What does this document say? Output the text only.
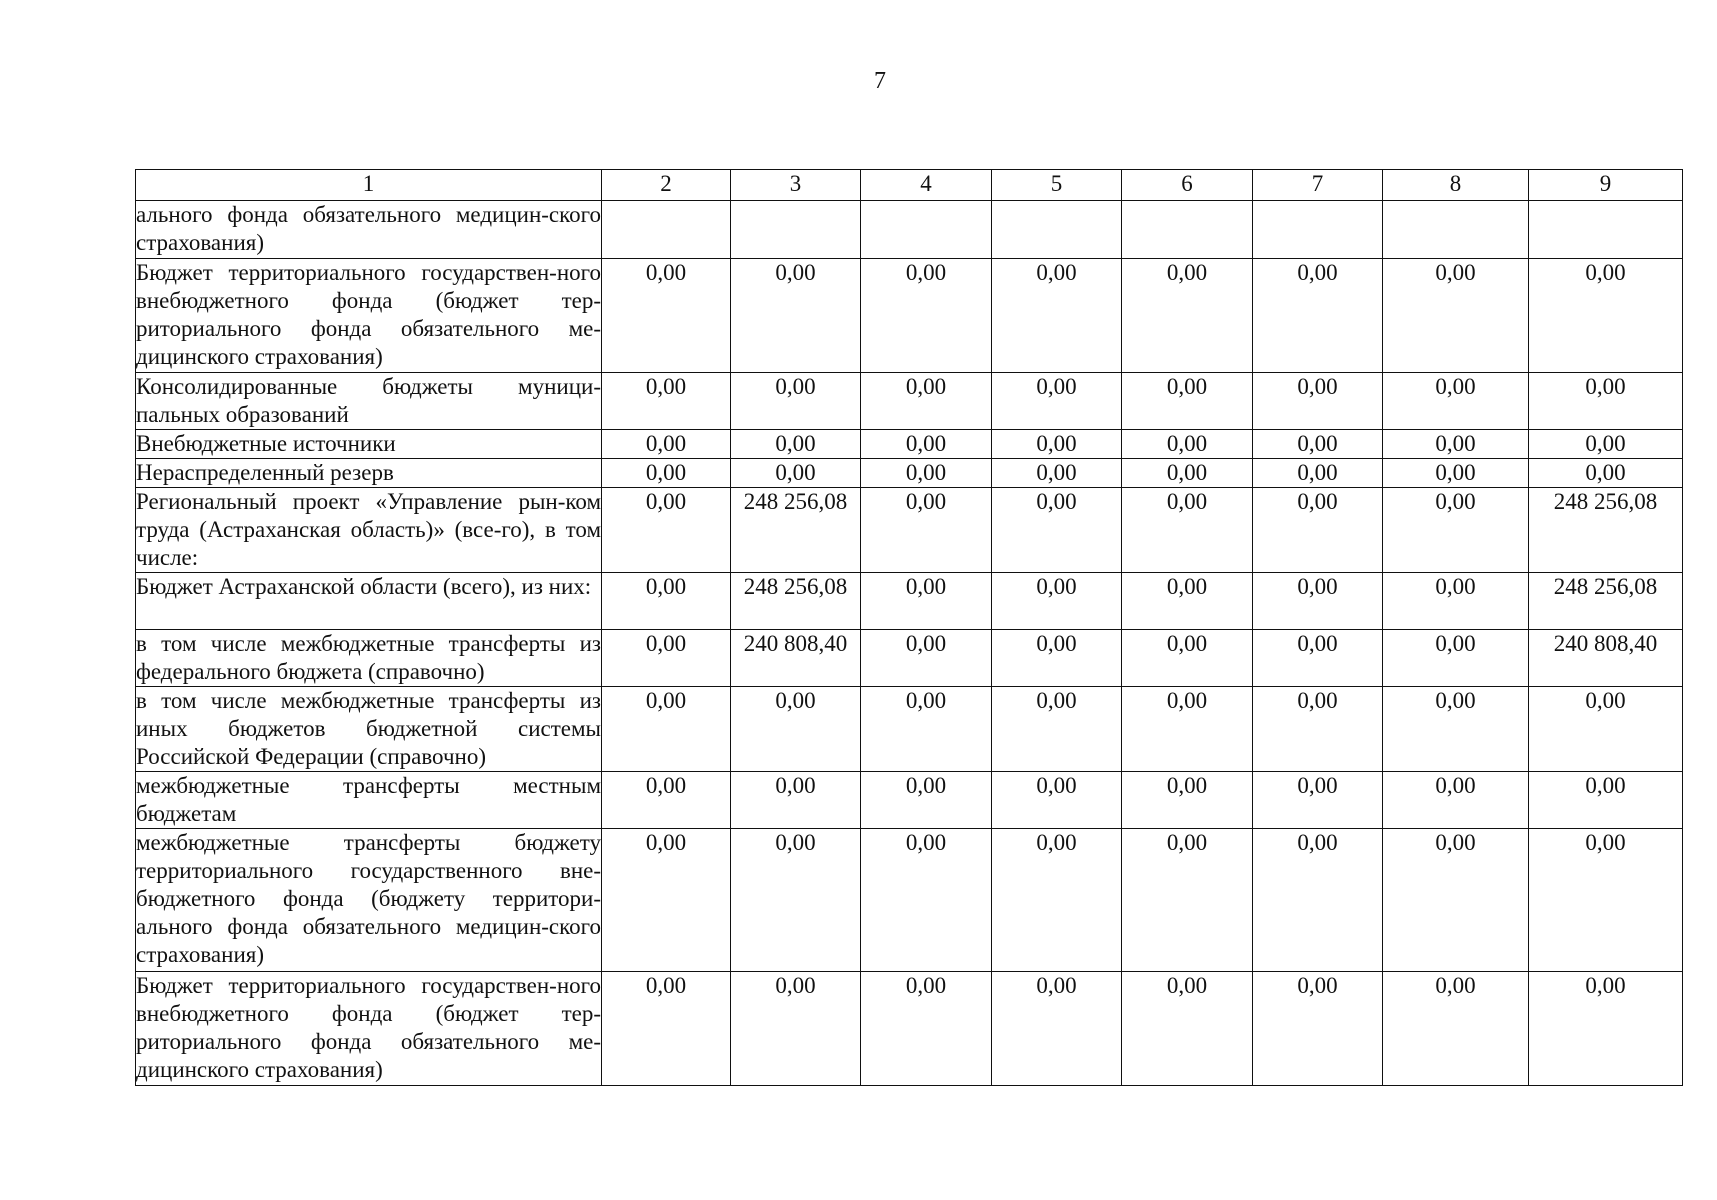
7
1	2	3	4	5	6	7	8	9
ального фонда обязательного медицин-ского страхования)								
Бюджет территориального государствен-ного внебюджетного фонда (бюджет тер-риториального фонда обязательного ме-дицинского страхования)	0,00	0,00	0,00	0,00	0,00	0,00	0,00	0,00
Консолидированные бюджеты муници-пальных образований	0,00	0,00	0,00	0,00	0,00	0,00	0,00	0,00
Внебюджетные источники	0,00	0,00	0,00	0,00	0,00	0,00	0,00	0,00
Нераспределенный резерв	0,00	0,00	0,00	0,00	0,00	0,00	0,00	0,00
Региональный проект «Управление рын-ком труда (Астраханская область)» (все-го), в том числе:	0,00	248 256,08	0,00	0,00	0,00	0,00	0,00	248 256,08
Бюджет Астраханской области (всего), из них:	0,00	248 256,08	0,00	0,00	0,00	0,00	0,00	248 256,08
в том числе межбюджетные трансферты из федерального бюджета (справочно)	0,00	240 808,40	0,00	0,00	0,00	0,00	0,00	240 808,40
в том числе межбюджетные трансферты из иных бюджетов бюджетной системы Российской Федерации (справочно)	0,00	0,00	0,00	0,00	0,00	0,00	0,00	0,00
межбюджетные трансферты местным бюджетам	0,00	0,00	0,00	0,00	0,00	0,00	0,00	0,00
межбюджетные трансферты бюджету территориального государственного вне-бюджетного фонда (бюджету территори-ального фонда обязательного медицин-ского страхования)	0,00	0,00	0,00	0,00	0,00	0,00	0,00	0,00
Бюджет территориального государствен-ного внебюджетного фонда (бюджет тер-риториального фонда обязательного ме-дицинского страхования)	0,00	0,00	0,00	0,00	0,00	0,00	0,00	0,00
